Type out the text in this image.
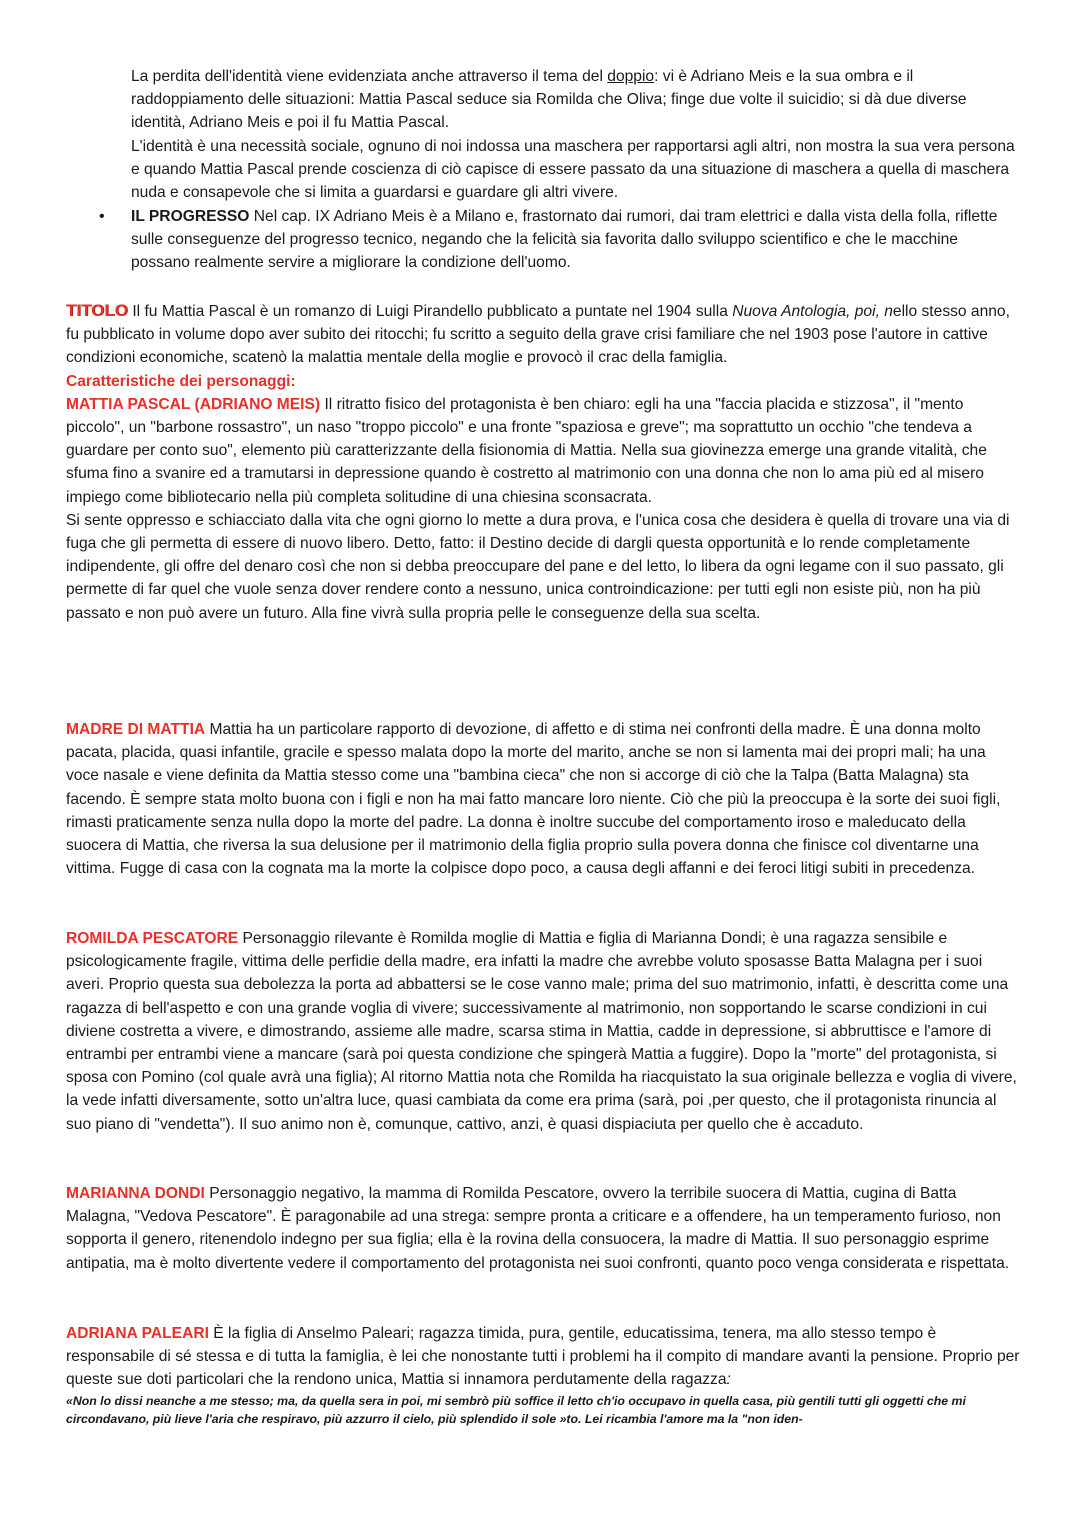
La perdita dell'identità viene evidenziata anche attraverso il tema del doppio: vi è Adriano Meis e la sua ombra e il raddoppiamento delle situazioni: Mattia Pascal seduce sia Romilda che Oliva; finge due volte il suicidio; si dà due diverse identità, Adriano Meis e poi il fu Mattia Pascal.

L'identità è una necessità sociale, ognuno di noi indossa una maschera per rapportarsi agli altri, non mostra la sua vera persona e quando Mattia Pascal prende coscienza di ciò capisce di essere passato da una situazione di maschera a quella di maschera nuda e consapevole che si limita a guardarsi e guardare gli altri vivere.

• IL PROGRESSO Nel cap. IX Adriano Meis è a Milano e, frastornato dai rumori, dai tram elettrici e dalla vista della folla, riflette sulle conseguenze del progresso tecnico, negando che la felicità sia favorita dallo sviluppo scientifico e che le macchine possano realmente servire a migliorare la condizione dell'uomo.

TITOLO Il fu Mattia Pascal è un romanzo di Luigi Pirandello pubblicato a puntate nel 1904 sulla Nuova Antologia, poi, nello stesso anno, fu pubblicato in volume dopo aver subito dei ritocchi; fu scritto a seguito della grave crisi familiare che nel 1903 pose l'autore in cattive condizioni economiche, scatenò la malattia mentale della moglie e provocò il crac della famiglia.

Caratteristiche dei personaggi:

MATTIA PASCAL (ADRIANO MEIS) Il ritratto fisico del protagonista è ben chiaro: egli ha una "faccia placida e stizzosa", il "mento piccolo", un "barbone rossastro", un naso "troppo piccolo" e una fronte "spaziosa e greve"; ma soprattutto un occhio "che tendeva a guardare per conto suo", elemento più caratterizzante della fisionomia di Mattia. Nella sua giovinezza emerge una grande vitalità, che sfuma fino a svanire ed a tramutarsi in depressione quando è costretto al matrimonio con una donna che non lo ama più ed al misero impiego come bibliotecario nella più completa solitudine di una chiesina sconsacrata.

Si sente oppresso e schiacciato dalla vita che ogni giorno lo mette a dura prova, e l'unica cosa che desidera è quella di trovare una via di fuga che gli permetta di essere di nuovo libero. Detto, fatto: il Destino decide di dargli questa opportunità e lo rende completamente indipendente, gli offre del denaro così che non si debba preoccupare del pane e del letto, lo libera da ogni legame con il suo passato, gli permette di far quel che vuole senza dover rendere conto a nessuno, unica controindicazione: per tutti egli non esiste più, non ha più passato e non può avere un futuro. Alla fine vivrà sulla propria pelle le conseguenze della sua scelta.

MADRE DI MATTIA Mattia ha un particolare rapporto di devozione, di affetto e di stima nei confronti della madre. È una donna molto pacata, placida, quasi infantile, gracile e spesso malata dopo la morte del marito, anche se non si lamenta mai dei propri mali; ha una voce nasale e viene definita da Mattia stesso come una "bambina cieca" che non si accorge di ciò che la Talpa (Batta Malagna) sta facendo. È sempre stata molto buona con i figli e non ha mai fatto mancare loro niente. Ciò che più la preoccupa è la sorte dei suoi figli, rimasti praticamente senza nulla dopo la morte del padre. La donna è inoltre succube del comportamento iroso e maleducato della suocera di Mattia, che riversa la sua delusione per il matrimonio della figlia proprio sulla povera donna che finisce col diventarne una vittima. Fugge di casa con la cognata ma la morte la colpisce dopo poco, a causa degli affanni e dei feroci litigi subiti in precedenza.

ROMILDA PESCATORE Personaggio rilevante è Romilda moglie di Mattia e figlia di Marianna Dondi; è una ragazza sensibile e psicologicamente fragile, vittima delle perfidie della madre, era infatti la madre che avrebbe voluto sposasse Batta Malagna per i suoi averi. Proprio questa sua debolezza la porta ad abbattersi se le cose vanno male; prima del suo matrimonio, infatti, è descritta come una ragazza di bell'aspetto e con una grande voglia di vivere; successivamente al matrimonio, non sopportando le scarse condizioni in cui diviene costretta a vivere, e dimostrando, assieme alle madre, scarsa stima in Mattia, cadde in depressione, si abbruttisce e l'amore di entrambi per entrambi viene a mancare (sarà poi questa condizione che spingerà Mattia a fuggire). Dopo la "morte" del protagonista, si sposa con Pomino (col quale avrà una figlia); Al ritorno Mattia nota che Romilda ha riacquistato la sua originale bellezza e voglia di vivere, la vede infatti diversamente, sotto un'altra luce, quasi cambiata da come era prima (sarà, poi ,per questo, che il protagonista rinuncia al suo piano di "vendetta"). Il suo animo non è, comunque, cattivo, anzi, è quasi dispiaciuta per quello che è accaduto.

MARIANNA DONDI Personaggio negativo, la mamma di Romilda Pescatore, ovvero la terribile suocera di Mattia, cugina di Batta Malagna, "Vedova Pescatore". È paragonabile ad una strega: sempre pronta a criticare e a offendere, ha un temperamento furioso, non sopporta il genero, ritenendolo indegno per sua figlia; ella è la rovina della consuocera, la madre di Mattia. Il suo personaggio esprime antipatia, ma è molto divertente vedere il comportamento del protagonista nei suoi confronti, quanto poco venga considerata e rispettata.

ADRIANA PALEARI È la figlia di Anselmo Paleari; ragazza timida, pura, gentile, educatissima, tenera, ma allo stesso tempo è responsabile di sé stessa e di tutta la famiglia, è lei che nonostante tutti i problemi ha il compito di mandare avanti la pensione. Proprio per queste sue doti particolari che la rendono unica, Mattia si innamora perdutamente della ragazza:

«Non lo dissi neanche a me stesso; ma, da quella sera in poi, mi sembrò più soffice il letto ch'io occupavo in quella casa, più gentili tutti gli oggetti che mi circondavano, più lieve l'aria che respiravo, più azzurro il cielo, più splendido il sole »to. Lei ricambia l'amore ma la "non iden-
